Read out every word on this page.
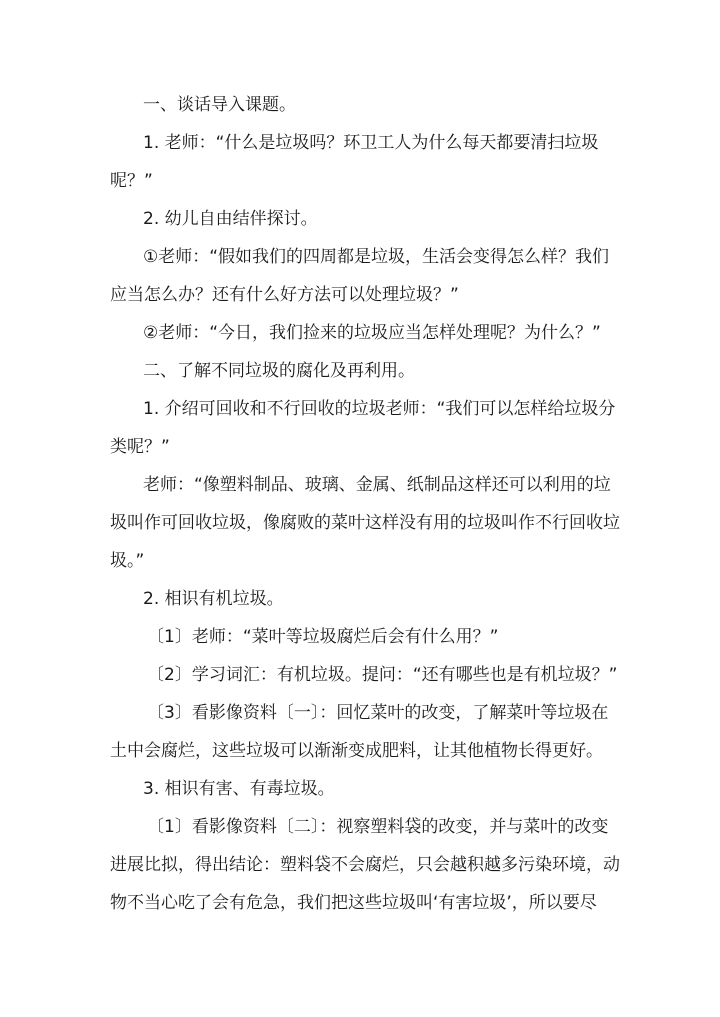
一、谈话导入课题。
1. 老师：“什么是垃圾吗？环卫工人为什么每天都要清扫垃圾
呢？”
2. 幼儿自由结伴探讨。
①老师：“假如我们的四周都是垃圾，生活会变得怎么样？我们
应当怎么办？还有什么好方法可以处理垃圾？”
②老师：“今日，我们捡来的垃圾应当怎样处理呢？为什么？”
二、了解不同垃圾的腐化及再利用。
1. 介绍可回收和不行回收的垃圾老师：“我们可以怎样给垃圾分
类呢？”
老师：“像塑料制品、玻璃、金属、纸制品这样还可以利用的垃
圾叫作可回收垃圾，像腐败的菜叶这样没有用的垃圾叫作不行回收垃
圾。”
2. 相识有机垃圾。
〔1〕老师：“菜叶等垃圾腐烂后会有什么用？”
〔2〕学习词汇：有机垃圾。提问：“还有哪些也是有机垃圾？”
〔3〕看影像资料〔一〕：回忆菜叶的改变，了解菜叶等垃圾在
土中会腐烂，这些垃圾可以渐渐变成肥料，让其他植物长得更好。
3. 相识有害、有毒垃圾。
〔1〕看影像资料〔二〕：视察塑料袋的改变，并与菜叶的改变
进展比拟，得出结论：塑料袋不会腐烂，只会越积越多污染环境，动
物不当心吃了会有危急，我们把这些垃圾叫‘有害垃圾’，所以要尽
